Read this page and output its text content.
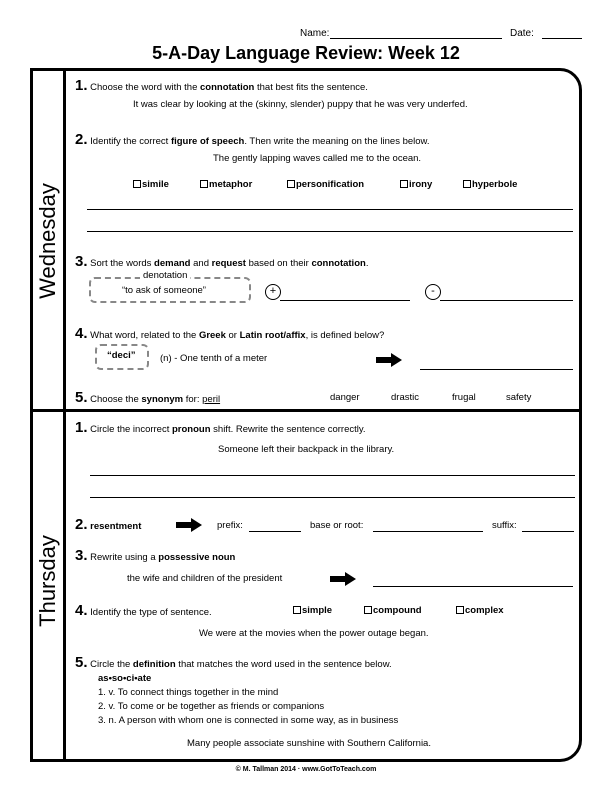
Name:	Date:
5-A-Day Language Review: Week 12
Wednesday
Thursday
1. Choose the word with the connotation that best fits the sentence.
It was clear by looking at the (skinny, slender) puppy that he was very underfed.
2. Identify the correct figure of speech. Then write the meaning on the lines below.
The gently lapping waves called me to the ocean.
simile	metaphor	personification	irony	hyperbole
3. Sort the words demand and request based on their connotation.
denotation
“to ask of someone”	+	-
4. What word, related to the Greek or Latin root/affix, is defined below?
“deci”	(n) - One tenth of a meter
5. Choose the synonym for: peril	danger	drastic	frugal	safety
1. Circle the incorrect pronoun shift. Rewrite the sentence correctly.
Someone left their backpack in the library.
2. resentment	prefix:	base or root:	suffix:
3. Rewrite using a possessive noun
the wife and children of the president
4. Identify the type of sentence.	simple	compound	complex
We were at the movies when the power outage began.
5. Circle the definition that matches the word used in the sentence below.
as•so•ci•ate
1. v. To connect things together in the mind
2. v. To come or be together as friends or companions
3. n. A person with whom one is connected in some way, as in business
Many people associate sunshine with Southern California.
© M. Tallman 2014 · www.GotToTeach.com
